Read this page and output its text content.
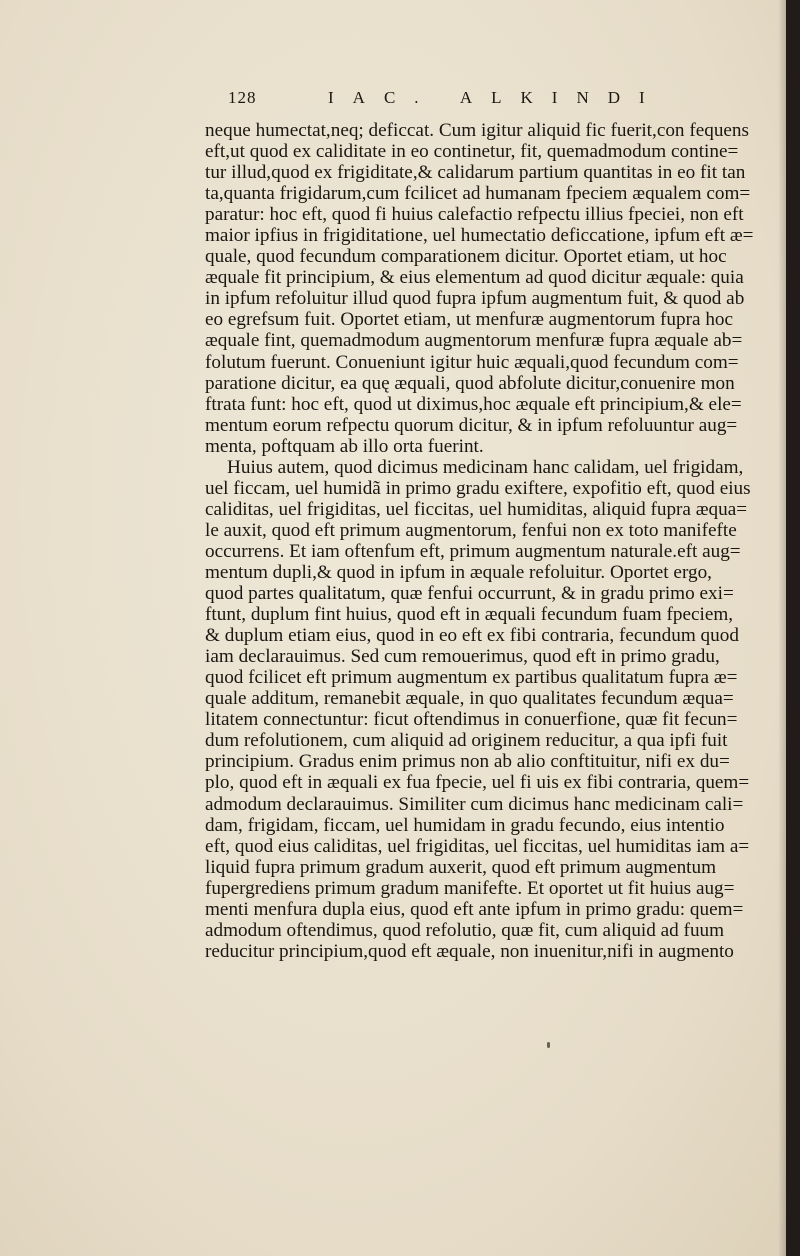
128	IAC. ALKINDI
neque humectat,neq; deficcat. Cum igitur aliquid fic fuerit,con fequens
eft,ut quod ex caliditate in eo continetur, fit, quemadmodum contine=
tur illud,quod ex frigiditate,& calidarum partium quantitas in eo fit tan
ta,quanta frigidarum,cum fcilicet ad humanam fpeciem æqualem com=
paratur: hoc eft, quod fi huius calefactio refpectu illius fpeciei, non eft
maior ipfius in frigiditatione, uel humectatio deficcatione, ipfum eft æ=
quale, quod fecundum comparationem dicitur. Oportet etiam, ut hoc
æquale fit principium, & eius elementum ad quod dicitur æquale: quia
in ipfum refoluitur illud quod fupra ipfum augmentum fuit, & quod ab
eo egrefsum fuit. Oportet etiam, ut menfuræ augmentorum fupra hoc
æquale fint, quemadmodum augmentorum menfuræ fupra æquale ab=
folutum fuerunt. Conueniunt igitur huic æquali,quod fecundum com=
paratione dicitur, ea quę æquali, quod abfolute dicitur,conuenire mon
ftrata funt: hoc eft, quod ut diximus,hoc æquale eft principium,& ele=
mentum eorum refpectu quorum dicitur, & in ipfum refoluuntur aug=
menta, poftquam ab illo orta fuerint.
Huius autem, quod dicimus medicinam hanc calidam, uel frigidam,
uel ficcam, uel humidã in primo gradu exiftere, expofitio eft, quod eius
caliditas, uel frigiditas, uel ficcitas, uel humiditas, aliquid fupra æqua=
le auxit, quod eft primum augmentorum, fenfui non ex toto manifefte
occurrens. Et iam oftenfum eft, primum augmentum naturale.eft aug=
mentum dupli,& quod in ipfum in æquale refoluitur. Oportet ergo,
quod partes qualitatum, quæ fenfui occurrunt, & in gradu primo exi=
ftunt, duplum fint huius, quod eft in æquali fecundum fuam fpeciem,
& duplum etiam eius, quod in eo eft ex fibi contraria, fecundum quod
iam declarauimus. Sed cum remouerimus, quod eft in primo gradu,
quod fcilicet eft primum augmentum ex partibus qualitatum fupra æ=
quale additum, remanebit æquale, in quo qualitates fecundum æqua=
litatem connectuntur: ficut oftendimus in conuerfione, quæ fit fecun=
dum refolutionem, cum aliquid ad originem reducitur, a qua ipfi fuit
principium. Gradus enim primus non ab alio conftituitur, nifi ex du=
plo, quod eft in æquali ex fua fpecie, uel fi uis ex fibi contraria, quem=
admodum declarauimus. Similiter cum dicimus hanc medicinam cali=
dam, frigidam, ficcam, uel humidam in gradu fecundo, eius intentio
eft, quod eius caliditas, uel frigiditas, uel ficcitas, uel humiditas iam a=
liquid fupra primum gradum auxerit, quod eft primum augmentum
fupergrediens primum gradum manifefte. Et oportet ut fit huius aug=
menti menfura dupla eius, quod eft ante ipfum in primo gradu: quem=
admodum oftendimus, quod refolutio, quæ fit, cum aliquid ad fuum
reducitur principium,quod eft æquale, non inuenitur,nifi in augmento
